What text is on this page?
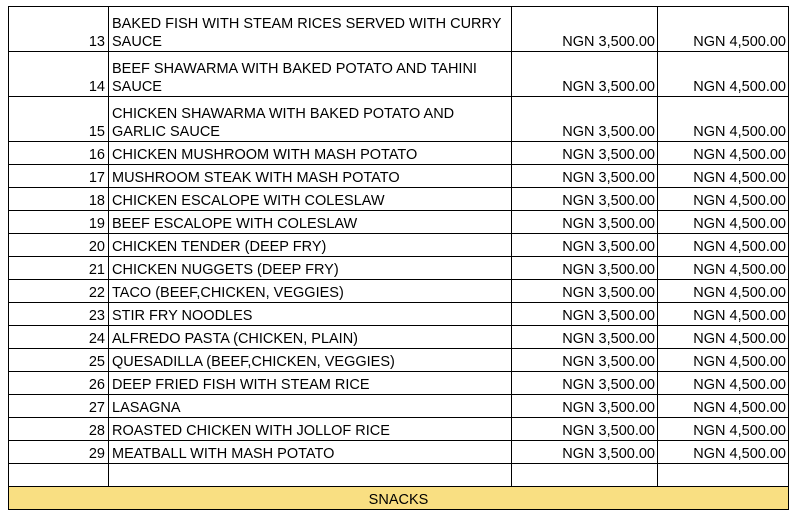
13	BAKED FISH WITH STEAM RICES SERVED WITH CURRY SAUCE	NGN 3,500.00	NGN 4,500.00
14	BEEF SHAWARMA WITH BAKED POTATO AND TAHINI SAUCE	NGN 3,500.00	NGN 4,500.00
15	CHICKEN SHAWARMA WITH BAKED POTATO AND GARLIC SAUCE	NGN 3,500.00	NGN 4,500.00
16	CHICKEN MUSHROOM WITH MASH POTATO	NGN 3,500.00	NGN 4,500.00
17	MUSHROOM STEAK WITH MASH POTATO	NGN 3,500.00	NGN 4,500.00
18	CHICKEN ESCALOPE WITH COLESLAW	NGN 3,500.00	NGN 4,500.00
19	BEEF ESCALOPE WITH COLESLAW	NGN 3,500.00	NGN 4,500.00
20	CHICKEN TENDER (DEEP FRY)	NGN 3,500.00	NGN 4,500.00
21	CHICKEN NUGGETS (DEEP FRY)	NGN 3,500.00	NGN 4,500.00
22	TACO (BEEF,CHICKEN, VEGGIES)	NGN 3,500.00	NGN 4,500.00
23	STIR FRY NOODLES	NGN 3,500.00	NGN 4,500.00
24	ALFREDO PASTA (CHICKEN, PLAIN)	NGN 3,500.00	NGN 4,500.00
25	QUESADILLA (BEEF,CHICKEN, VEGGIES)	NGN 3,500.00	NGN 4,500.00
26	DEEP FRIED FISH WITH STEAM RICE	NGN 3,500.00	NGN 4,500.00
27	LASAGNA	NGN 3,500.00	NGN 4,500.00
28	ROASTED CHICKEN WITH JOLLOF RICE	NGN 3,500.00	NGN 4,500.00
29	MEATBALL WITH MASH POTATO	NGN 3,500.00	NGN 4,500.00

SNACKS			
